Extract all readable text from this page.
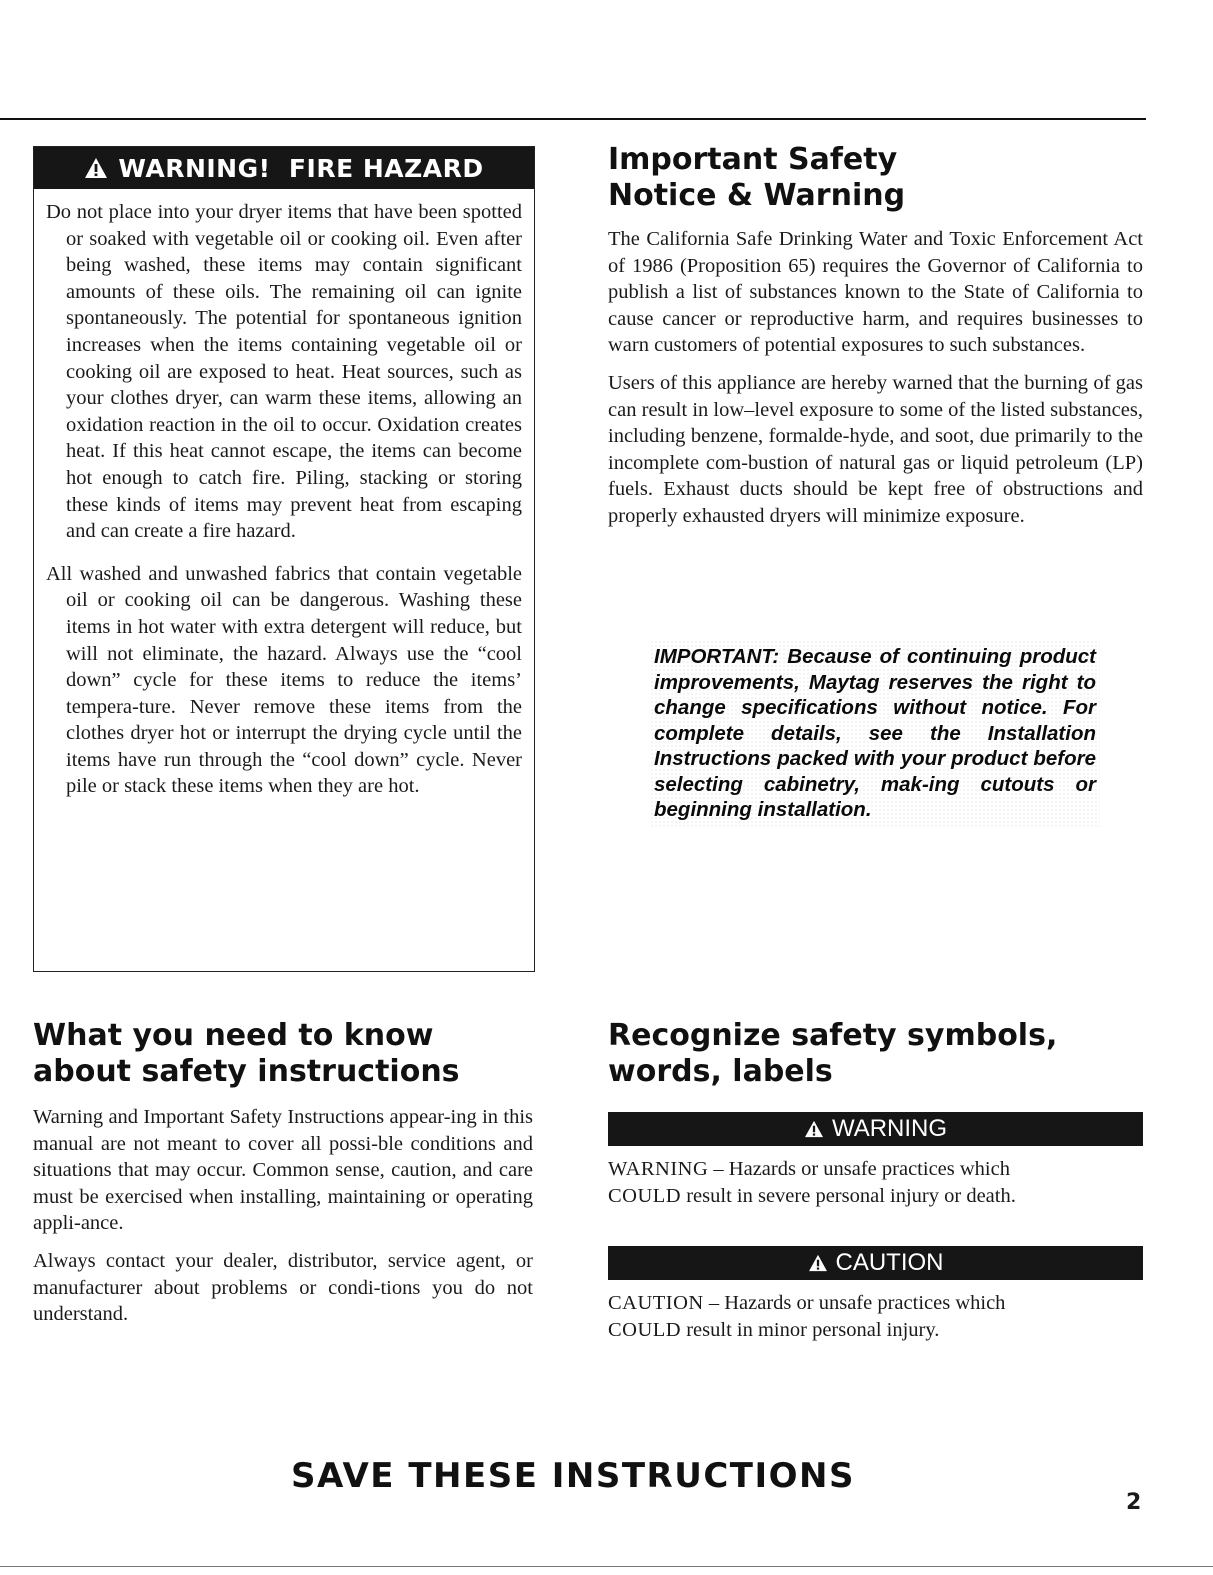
WARNING!  FIRE HAZARD

Do not place into your dryer items that have been spotted or soaked with vegetable oil or cooking oil. Even after being washed, these items may contain significant amounts of these oils. The remaining oil can ignite spontaneously. The potential for spontaneous ignition increases when the items containing vegetable oil or cooking oil are exposed to heat. Heat sources, such as your clothes dryer, can warm these items, allowing an oxidation reaction in the oil to occur. Oxidation creates heat. If this heat cannot escape, the items can become hot enough to catch fire. Piling, stacking or storing these kinds of items may prevent heat from escaping and can create a fire hazard.

All washed and unwashed fabrics that contain vegetable oil or cooking oil can be dangerous. Washing these items in hot water with extra detergent will reduce, but will not eliminate, the hazard. Always use the “cool down” cycle for these items to reduce the items’ tempera-ture. Never remove these items from the clothes dryer hot or interrupt the drying cycle until the items have run through the “cool down” cycle. Never pile or stack these items when they are hot.

Important Safety
Notice & Warning

The California Safe Drinking Water and Toxic Enforcement Act of 1986 (Proposition 65) requires the Governor of California to publish a list of substances known to the State of California to cause cancer or reproductive harm, and requires businesses to warn customers of potential exposures to such substances.

Users of this appliance are hereby warned that the burning of gas can result in low–level exposure to some of the listed substances, including benzene, formalde-hyde, and soot, due primarily to the incomplete com-bustion of natural gas or liquid petroleum (LP) fuels. Exhaust ducts should be kept free of obstructions and properly exhausted dryers will minimize exposure.

IMPORTANT: Because of continuing product improvements, Maytag reserves the right to change specifications without notice. For complete details, see the Installation Instructions packed with your product before selecting cabinetry, mak-ing cutouts or beginning installation.
What you need to know
about safety instructions

Warning and Important Safety Instructions appear-ing in this manual are not meant to cover all possi-ble conditions and situations that may occur. Common sense, caution, and care must be exercised when installing, maintaining or operating appli-ance.

Always contact your dealer, distributor, service agent, or manufacturer about problems or condi-tions you do not understand.

Recognize safety symbols,
words, labels
WARNING

WARNING – Hazards or unsafe practices which
COULD result in severe personal injury or death.

CAUTION

CAUTION – Hazards or unsafe practices which
COULD result in minor personal injury.

SAVE THESE INSTRUCTIONS
2
